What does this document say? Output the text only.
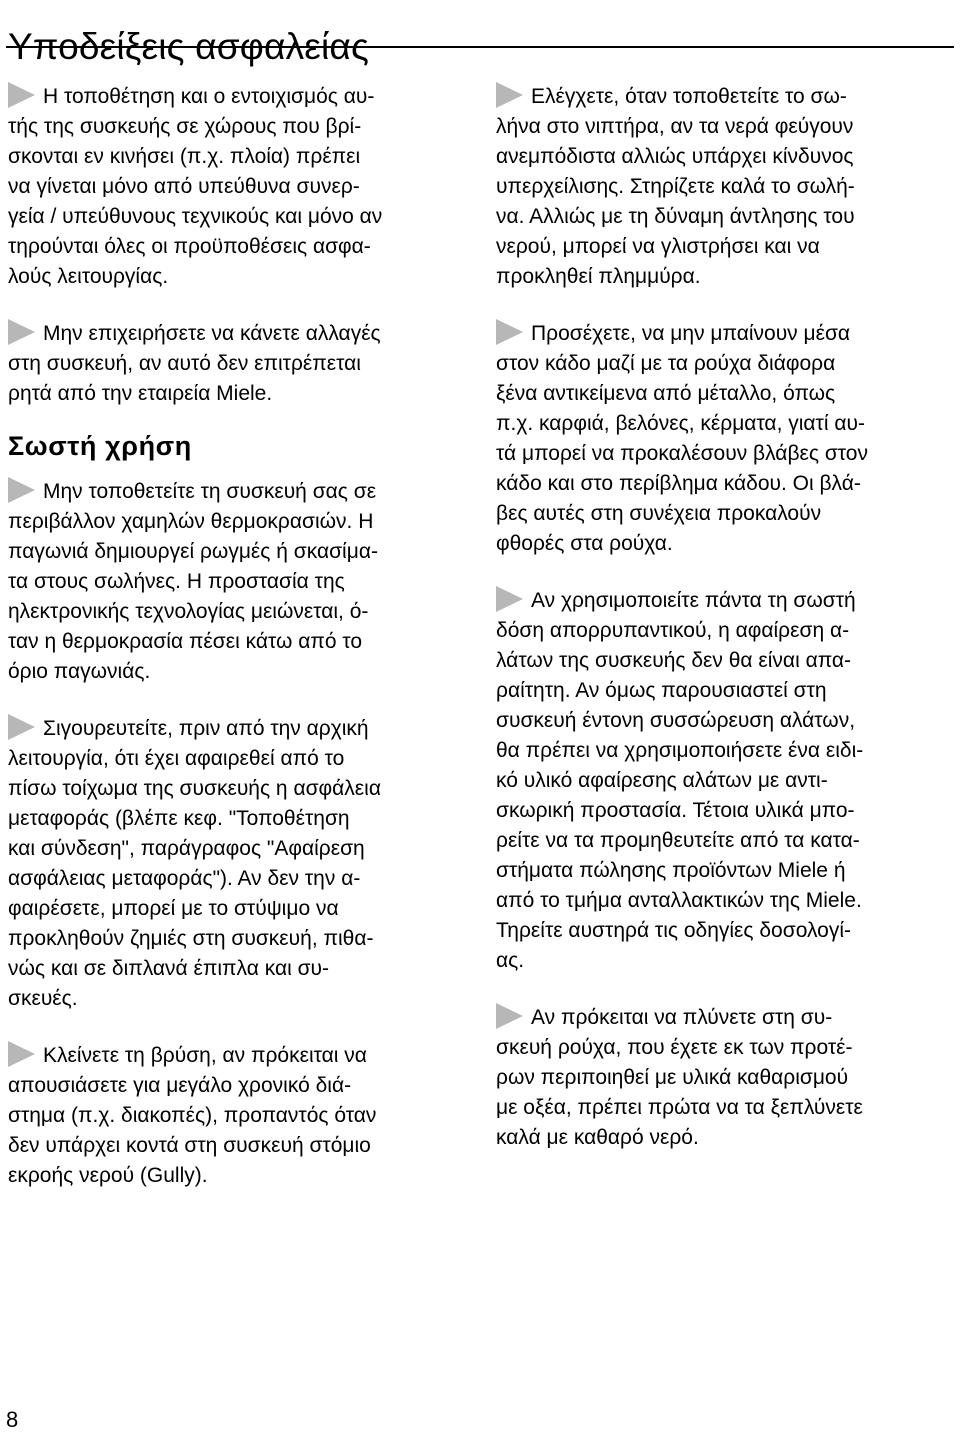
Υποδείξεις ασφαλείας

Η τοποθέτηση και ο εντοιχισμός αυ-
τής της συσκευής σε χώρους που βρί-
σκονται εν κινήσει (π.χ. πλοία) πρέπει
να γίνεται μόνο από υπεύθυνα συνερ-
γεία / υπεύθυνους τεχνικούς και μόνο αν
τηρούνται όλες οι προϋποθέσεις ασφα-
λούς λειτουργίας.

Μην επιχειρήσετε να κάνετε αλλαγές
στη συσκευή, αν αυτό δεν επιτρέπεται
ρητά από την εταιρεία Miele.

Σωστή χρήση

Μην τοποθετείτε τη συσκευή σας σε
περιβάλλον χαμηλών θερμοκρασιών. Η
παγωνιά δημιουργεί ρωγμές ή σκασίμα-
τα στους σωλήνες. Η προστασία της
ηλεκτρονικής τεχνολογίας μειώνεται, ό-
ταν η θερμοκρασία πέσει κάτω από το
όριο παγωνιάς.

Σιγουρευτείτε, πριν από την αρχική
λειτουργία, ότι έχει αφαιρεθεί από το
πίσω τοίχωμα της συσκευής η ασφάλεια
μεταφοράς (βλέπε κεφ. "Τοποθέτηση
και σύνδεση", παράγραφος "Αφαίρεση
ασφάλειας μεταφοράς"). Αν δεν την α-
φαιρέσετε, μπορεί με το στύψιμο να
προκληθούν ζημιές στη συσκευή, πιθα-
νώς και σε διπλανά έπιπλα και συ-
σκευές.

Κλείνετε τη βρύση, αν πρόκειται να
απουσιάσετε για μεγάλο χρονικό διά-
στημα (π.χ. διακοπές), προπαντός όταν
δεν υπάρχει κοντά στη συσκευή στόμιο
εκροής νερού (Gully).

Ελέγχετε, όταν τοποθετείτε το σω-
λήνα στο νιπτήρα, αν τα νερά φεύγουν
ανεμπόδιστα αλλιώς υπάρχει κίνδυνος
υπερχείλισης. Στηρίζετε καλά το σωλή-
να. Αλλιώς με τη δύναμη άντλησης του
νερού, μπορεί να γλιστρήσει και να
προκληθεί πλημμύρα.

Προσέχετε, να μην μπαίνουν μέσα
στον κάδο μαζί με τα ρούχα διάφορα
ξένα αντικείμενα από μέταλλο, όπως
π.χ. καρφιά, βελόνες, κέρματα, γιατί αυ-
τά μπορεί να προκαλέσουν βλάβες στον
κάδο και στο περίβλημα κάδου. Οι βλά-
βες αυτές στη συνέχεια προκαλούν
φθορές στα ρούχα.

Αν χρησιμοποιείτε πάντα τη σωστή
δόση απορρυπαντικού, η αφαίρεση α-
λάτων της συσκευής δεν θα είναι απα-
ραίτητη. Αν όμως παρουσιαστεί στη
συσκευή έντονη συσσώρευση αλάτων,
θα πρέπει να χρησιμοποιήσετε ένα ειδι-
κό υλικό αφαίρεσης αλάτων με αντι-
σκωρική προστασία. Τέτοια υλικά μπο-
ρείτε να τα προμηθευτείτε από τα κατα-
στήματα πώλησης προϊόντων Miele ή
από το τμήμα ανταλλακτικών της Miele.
Τηρείτε αυστηρά τις οδηγίες δοσολογί-
ας.

Αν πρόκειται να πλύνετε στη συ-
σκευή ρούχα, που έχετε εκ των προτέ-
ρων περιποιηθεί με υλικά καθαρισμού
με οξέα, πρέπει πρώτα να τα ξεπλύνετε
καλά με καθαρό νερό.

8
